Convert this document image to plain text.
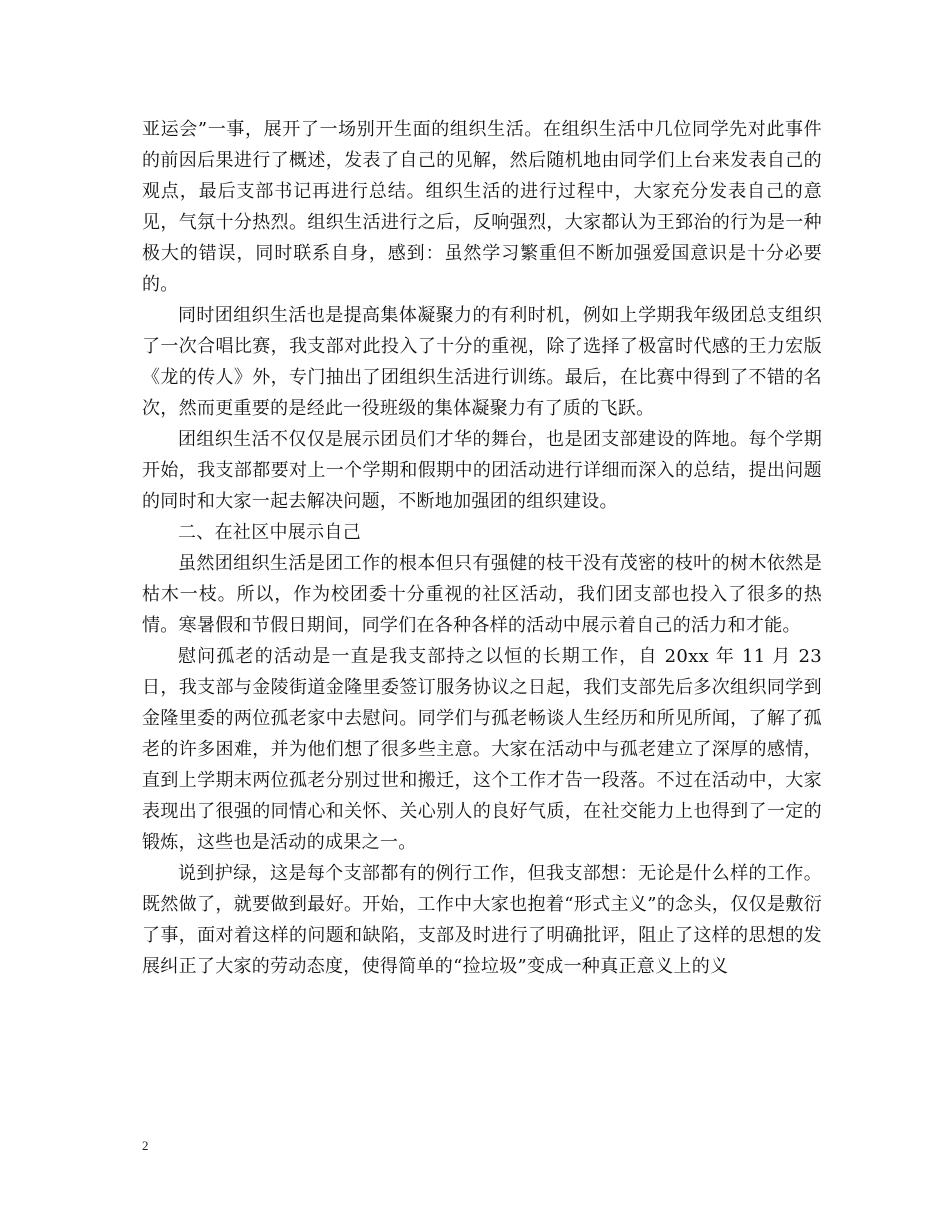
亚运会”一事，展开了一场别开生面的组织生活。在组织生活中几位同学先对此事件的前因后果进行了概述，发表了自己的见解，然后随机地由同学们上台来发表自己的观点，最后支部书记再进行总结。组织生活的进行过程中，大家充分发表自己的意见，气氛十分热烈。组织生活进行之后，反响强烈，大家都认为王郅治的行为是一种极大的错误，同时联系自身，感到：虽然学习繁重但不断加强爱国意识是十分必要的。

同时团组织生活也是提高集体凝聚力的有利时机，例如上学期我年级团总支组织了一次合唱比赛，我支部对此投入了十分的重视，除了选择了极富时代感的王力宏版《龙的传人》外，专门抽出了团组织生活进行训练。最后，在比赛中得到了不错的名次，然而更重要的是经此一役班级的集体凝聚力有了质的飞跃。

团组织生活不仅仅是展示团员们才华的舞台，也是团支部建设的阵地。每个学期开始，我支部都要对上一个学期和假期中的团活动进行详细而深入的总结，提出问题的同时和大家一起去解决问题，不断地加强团的组织建设。

二、在社区中展示自己

虽然团组织生活是团工作的根本但只有强健的枝干没有茂密的枝叶的树木依然是枯木一枝。所以，作为校团委十分重视的社区活动，我们团支部也投入了很多的热情。寒暑假和节假日期间，同学们在各种各样的活动中展示着自己的活力和才能。

慰问孤老的活动是一直是我支部持之以恒的长期工作，自 20xx 年 11 月 23 日，我支部与金陵街道金隆里委签订服务协议之日起，我们支部先后多次组织同学到金隆里委的两位孤老家中去慰问。同学们与孤老畅谈人生经历和所见所闻，了解了孤老的许多困难，并为他们想了很多些主意。大家在活动中与孤老建立了深厚的感情，直到上学期末两位孤老分别过世和搬迁，这个工作才告一段落。不过在活动中，大家表现出了很强的同情心和关怀、关心别人的良好气质，在社交能力上也得到了一定的锻炼，这些也是活动的成果之一。

说到护绿，这是每个支部都有的例行工作，但我支部想：无论是什么样的工作。既然做了，就要做到最好。开始，工作中大家也抱着“形式主义”的念头，仅仅是敷衍了事，面对着这样的问题和缺陷，支部及时进行了明确批评，阻止了这样的思想的发展纠正了大家的劳动态度，使得简单的“捡垃圾”变成一种真正意义上的义

2
